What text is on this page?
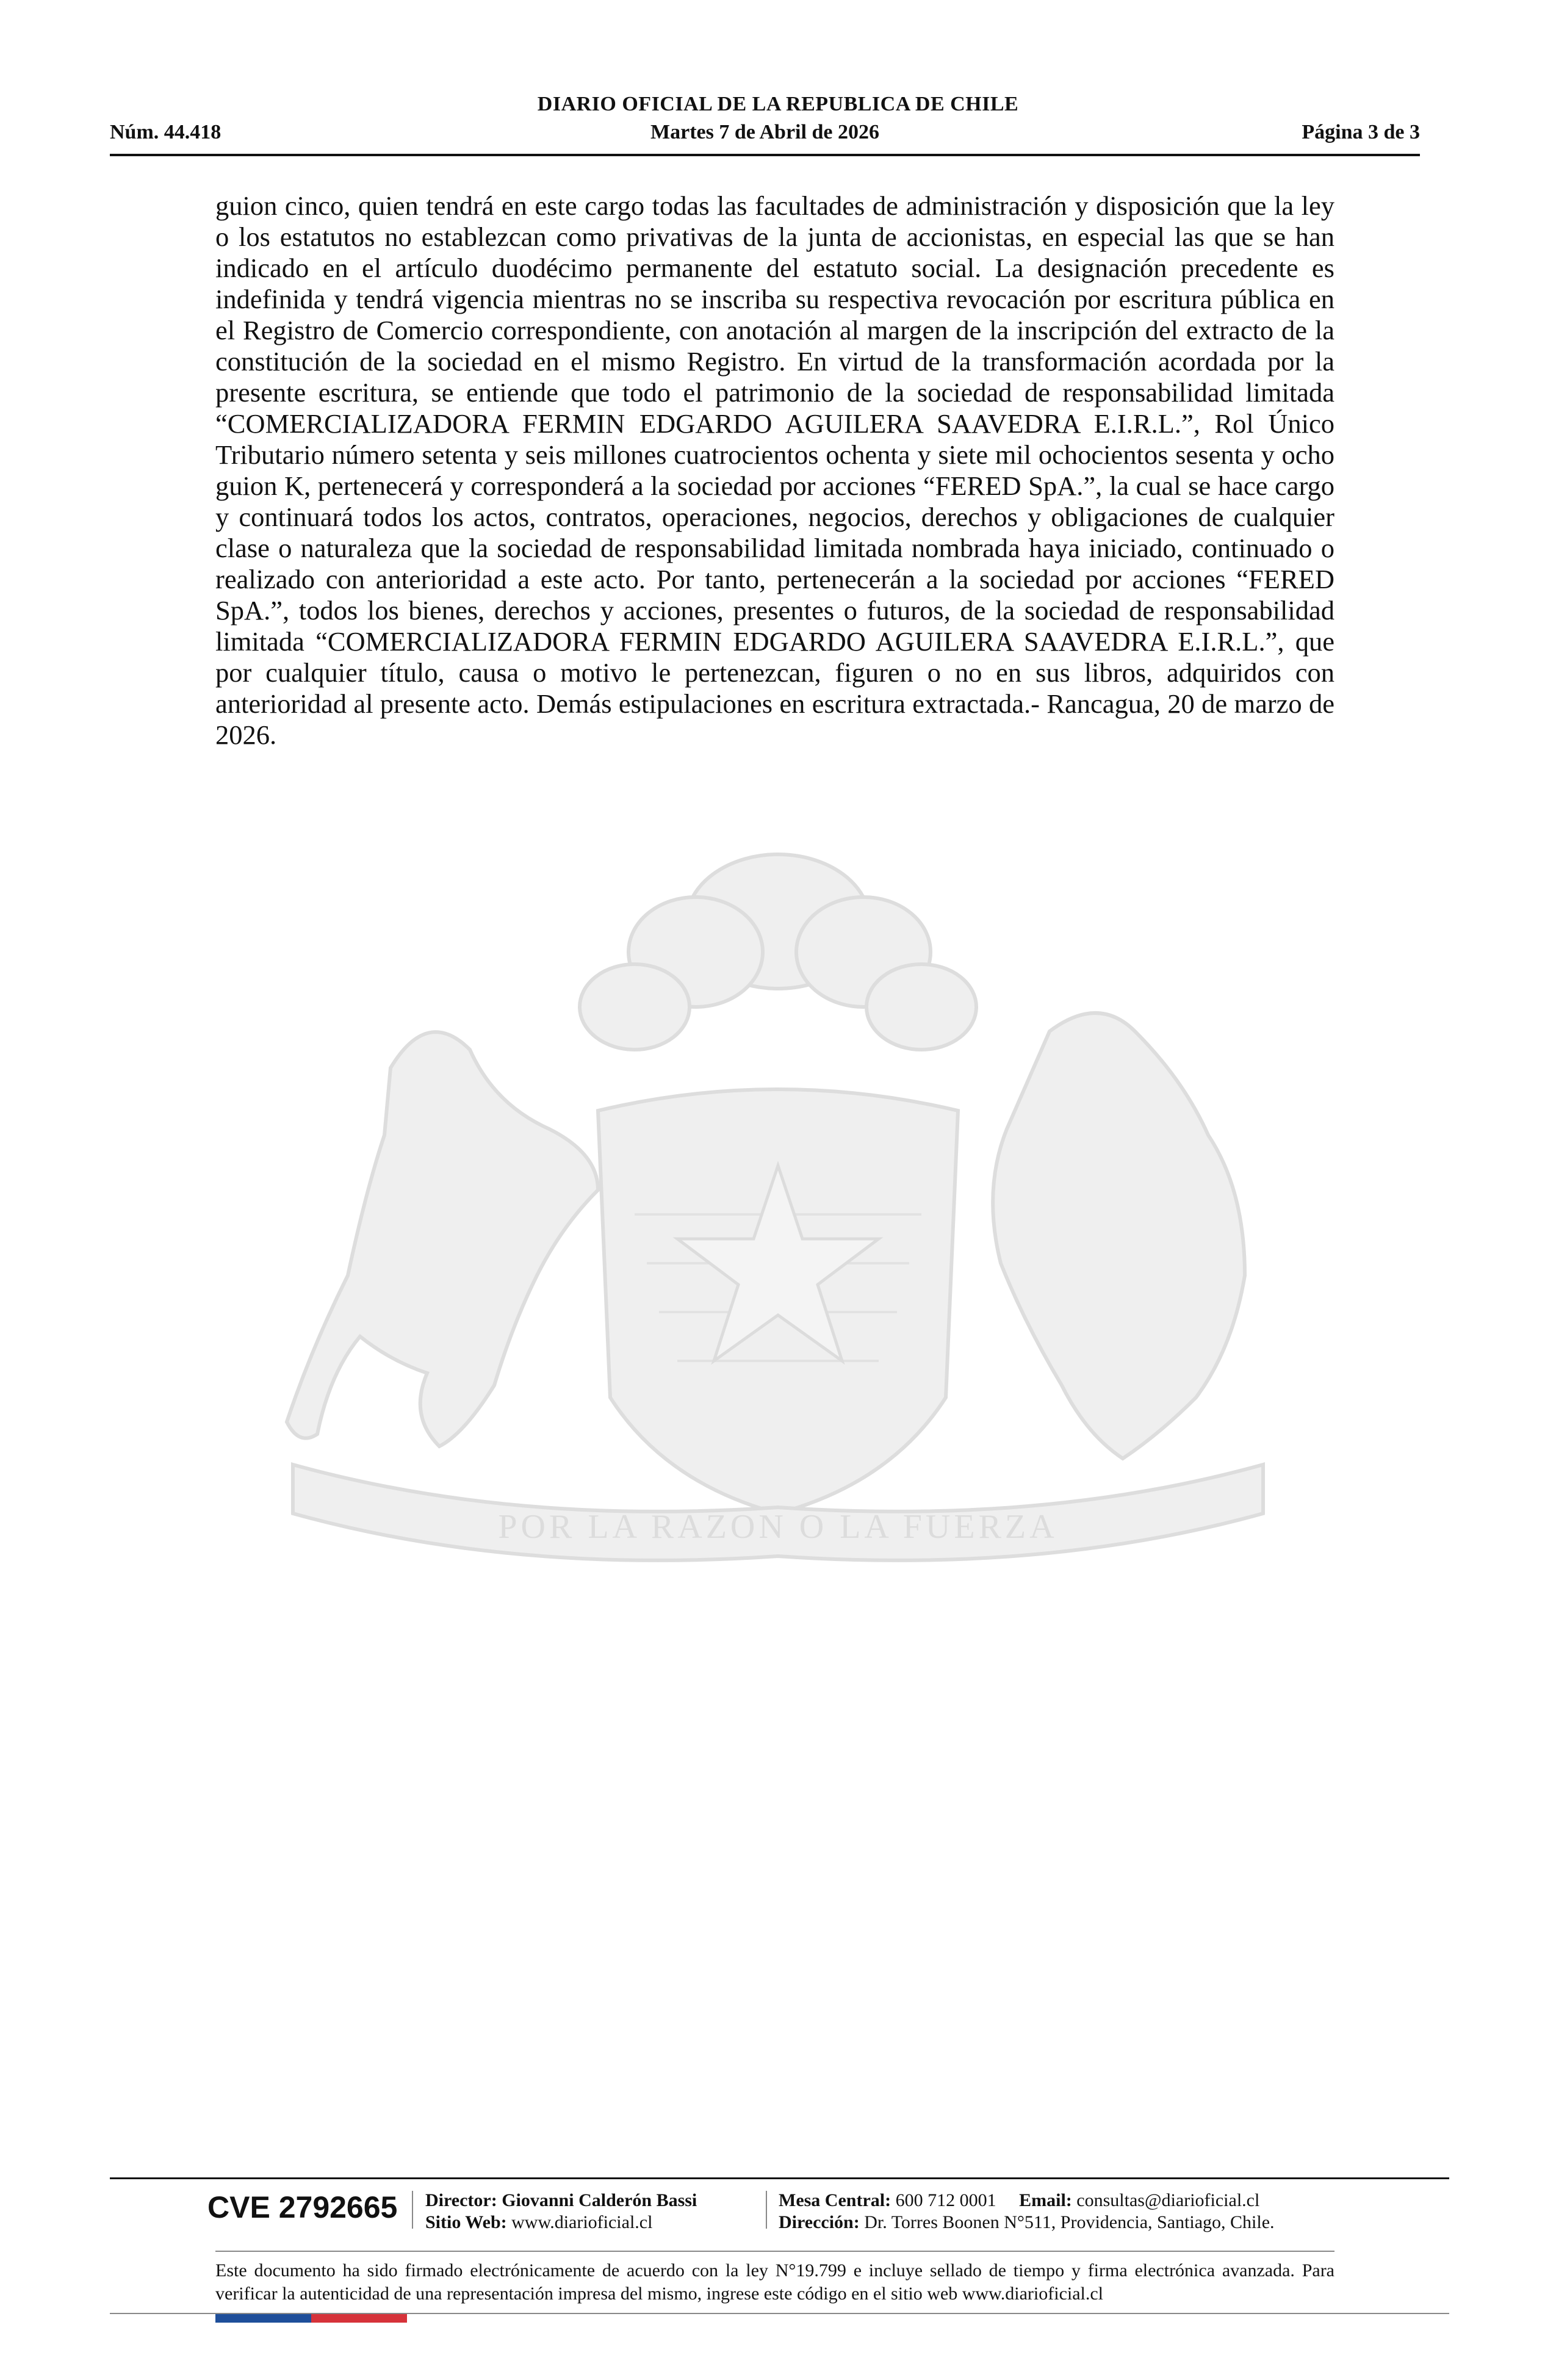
DIARIO OFICIAL DE LA REPUBLICA DE CHILE
Martes 7 de Abril de 2026
Núm. 44.418	Página 3 de 3
POR LA RAZON O LA FUERZA
guion cinco, quien tendrá en este cargo todas las facultades de administración y disposición que la ley o los estatutos no establezcan como privativas de la junta de accionistas, en especial las que se han indicado en el artículo duodécimo permanente del estatuto social. La designación precedente es indefinida y tendrá vigencia mientras no se inscriba su respectiva revocación por escritura pública en el Registro de Comercio correspondiente, con anotación al margen de la inscripción del extracto de la constitución de la sociedad en el mismo Registro. En virtud de la transformación acordada por la presente escritura, se entiende que todo el patrimonio de la sociedad de responsabilidad limitada “COMERCIALIZADORA FERMIN EDGARDO AGUILERA SAAVEDRA E.I.R.L.”, Rol Único Tributario número setenta y seis millones cuatrocientos ochenta y siete mil ochocientos sesenta y ocho guion K, pertenecerá y corresponderá a la sociedad por acciones “FERED SpA.”, la cual se hace cargo y continuará todos los actos, contratos, operaciones, negocios, derechos y obligaciones de cualquier clase o naturaleza que la sociedad de responsabilidad limitada nombrada haya iniciado, continuado o realizado con anterioridad a este acto. Por tanto, pertenecerán a la sociedad por acciones “FERED SpA.”, todos los bienes, derechos y acciones, presentes o futuros, de la sociedad de responsabilidad limitada “COMERCIALIZADORA FERMIN EDGARDO AGUILERA SAAVEDRA E.I.R.L.”, que por cualquier título, causa o motivo le pertenezcan, figuren o no en sus libros, adquiridos con anterioridad al presente acto. Demás estipulaciones en escritura extractada.- Rancagua, 20 de marzo de 2026.
CVE 2792665 Director: Giovanni Calderón Bassi
Sitio Web: www.diarioficial.cl
Mesa Central: 600 712 0001 Email: consultas@diarioficial.cl
Dirección: Dr. Torres Boonen N°511, Providencia, Santiago, Chile.
Este documento ha sido firmado electrónicamente de acuerdo con la ley N°19.799 e incluye sellado de tiempo y firma electrónica avanzada. Para verificar la autenticidad de una representación impresa del mismo, ingrese este código en el sitio web www.diarioficial.cl
